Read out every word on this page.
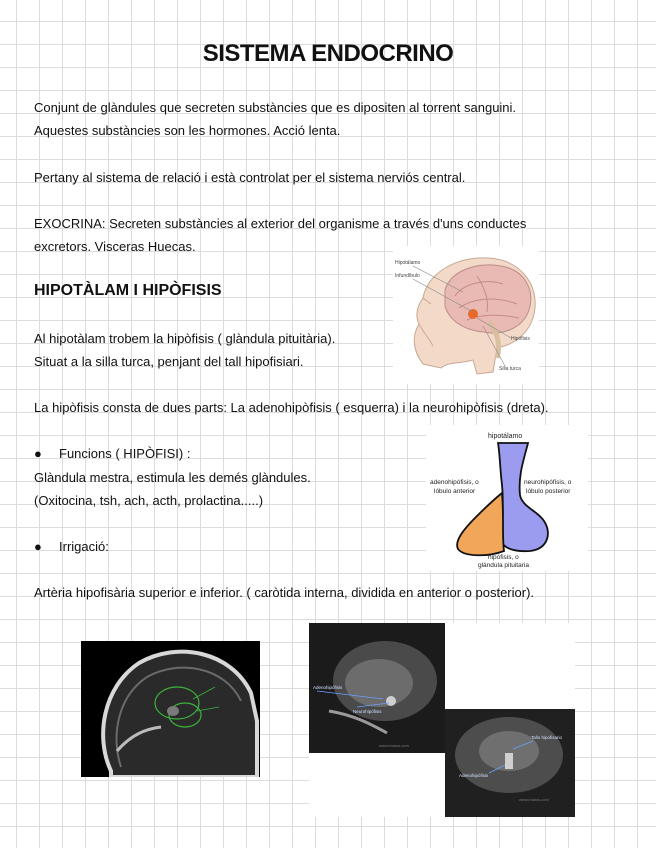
SISTEMA ENDOCRINO
Conjunt de glàndules que secreten substàncies que es dipositen al torrent sanguini.
Aquestes substàncies son les hormones. Acció lenta.
Pertany al sistema de relació i està controlat per el sistema nerviós central.
EXOCRINA: Secreten substàncies al exterior del organisme a través d'uns conductes
excretors. Visceras Huecas.
HIPOTÀLAM I HIPÒFISIS
Al hipotàlam trobem la hipòfisis ( glàndula pituitària).
Situat a la silla turca, penjant del tall hipofisiari.
La hipòfisis consta de dues parts: La adenohipòfisis ( esquerra) i la neurohipòfisis (dreta).
● Funcions ( HIPÒFISI) :
Glàndula mestra, estimula les demés glàndules.
(Oxitocina, tsh, ach, acth, prolactina.....)
● Irrigació:
Artèria hipofisària superior e inferior. ( caròtida interna, dividida en anterior o posterior).
Hipotálamo
Infundíbulo
Hipófisis
Silla turca
hipotálamo
adenohipófisis, o
lóbulo anterior
neurohipófisis, o
lóbulo posterior
hipófisis, o
glándula pituitaria
Adenohipófisis
Neurohipófisis
www.imaios.com
Tallo hipofisario
Adenohipófisis
www.imaios.com
